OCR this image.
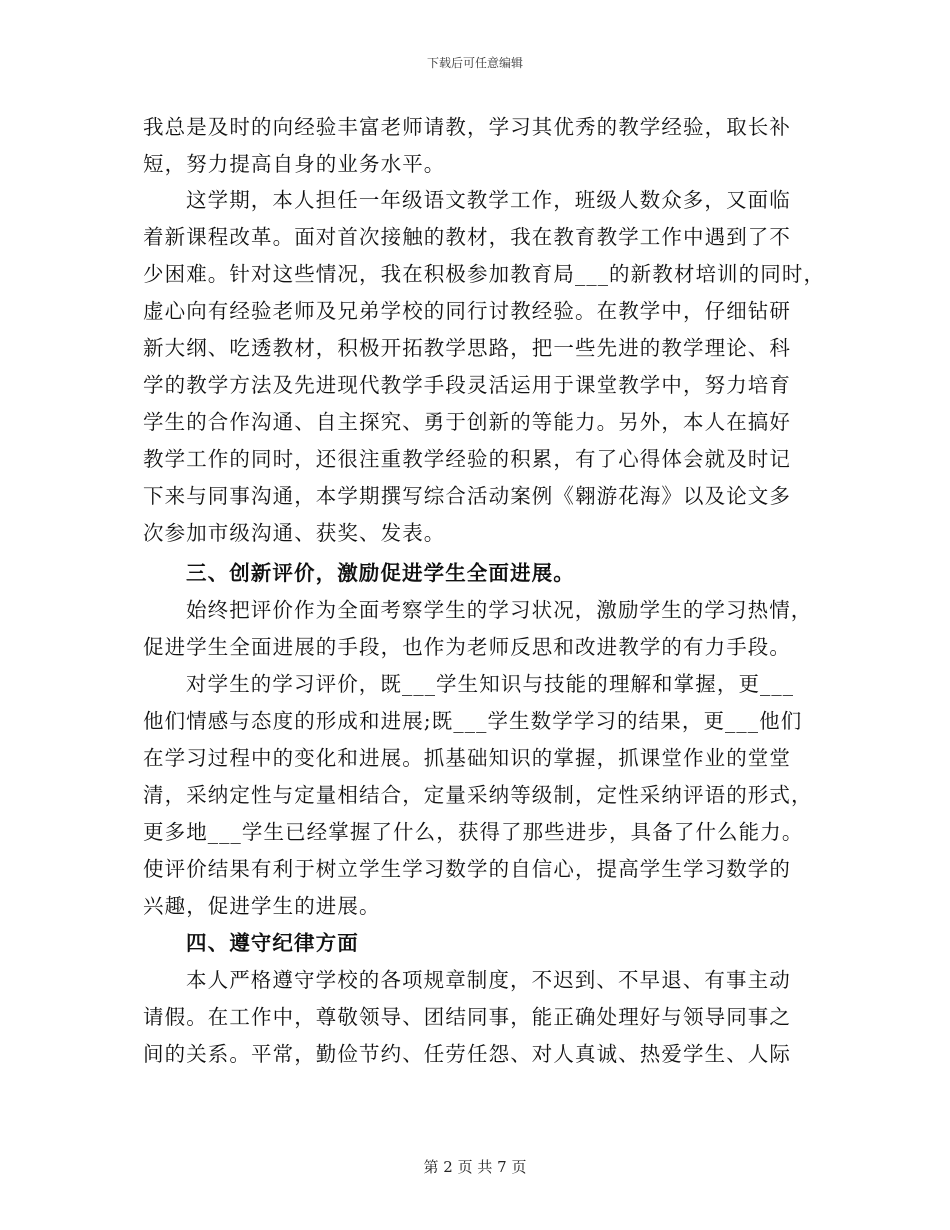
下载后可任意编辑
我总是及时的向经验丰富老师请教，学习其优秀的教学经验，取长补
短，努力提高自身的业务水平。
这学期，本人担任一年级语文教学工作，班级人数众多，又面临
着新课程改革。面对首次接触的教材，我在教育教学工作中遇到了不
少困难。针对这些情况，我在积极参加教育局___的新教材培训的同时，
虚心向有经验老师及兄弟学校的同行讨教经验。在教学中，仔细钻研
新大纲、吃透教材，积极开拓教学思路，把一些先进的教学理论、科
学的教学方法及先进现代教学手段灵活运用于课堂教学中，努力培育
学生的合作沟通、自主探究、勇于创新的等能力。另外，本人在搞好
教学工作的同时，还很注重教学经验的积累，有了心得体会就及时记
下来与同事沟通，本学期撰写综合活动案例《翱游花海》以及论文多
次参加市级沟通、获奖、发表。
三、创新评价，激励促进学生全面进展。
始终把评价作为全面考察学生的学习状况，激励学生的学习热情，
促进学生全面进展的手段，也作为老师反思和改进教学的有力手段。
对学生的学习评价，既___学生知识与技能的理解和掌握，更___
他们情感与态度的形成和进展;既___学生数学学习的结果，更___他们
在学习过程中的变化和进展。抓基础知识的掌握，抓课堂作业的堂堂
清，采纳定性与定量相结合，定量采纳等级制，定性采纳评语的形式，
更多地___学生已经掌握了什么，获得了那些进步，具备了什么能力。
使评价结果有利于树立学生学习数学的自信心，提高学生学习数学的
兴趣，促进学生的进展。
四、遵守纪律方面
本人严格遵守学校的各项规章制度，不迟到、不早退、有事主动
请假。在工作中，尊敬领导、团结同事，能正确处理好与领导同事之
间的关系。平常，勤俭节约、任劳任怨、对人真诚、热爱学生、人际
第 2 页 共 7 页
